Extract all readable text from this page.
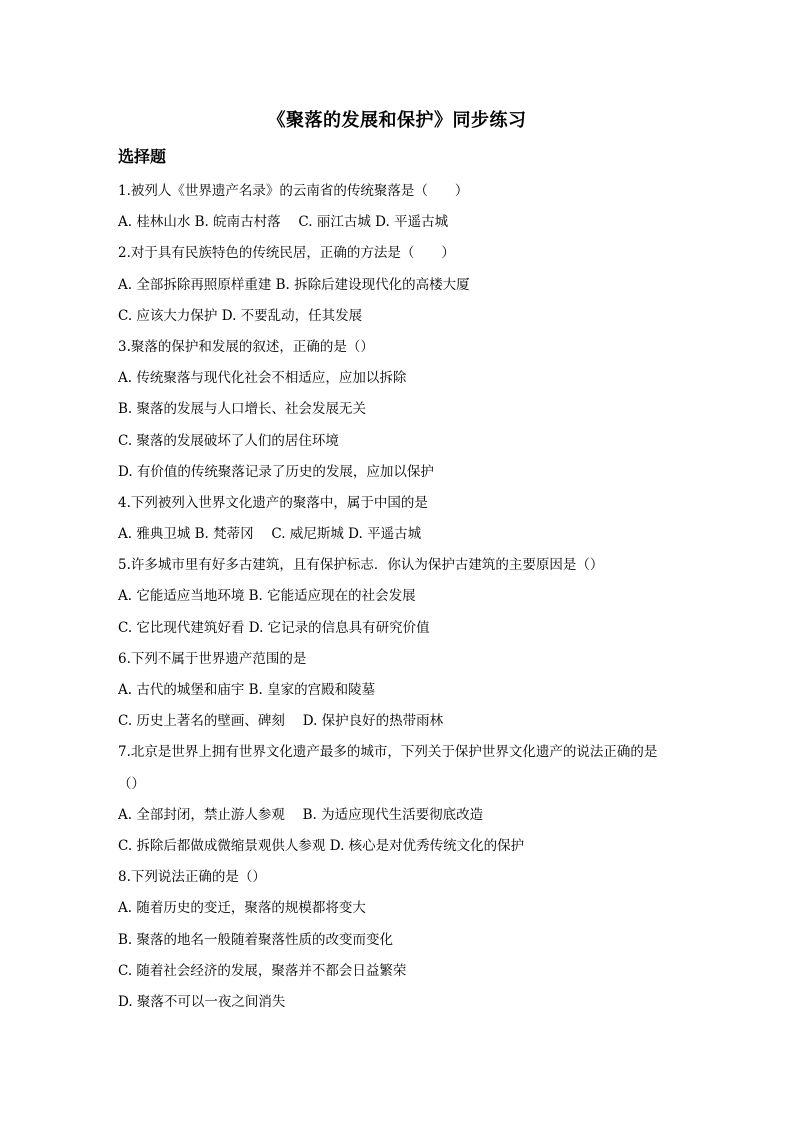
《聚落的发展和保护》同步练习
选择题
1.被列人《世界遗产名录》的云南省的传统聚落是（　　）
A. 桂林山水 B. 皖南古村落　 C. 丽江古城 D. 平遥古城
2.对于具有民族特色的传统民居，正确的方法是（　　）
A. 全部拆除再照原样重建 B. 拆除后建设现代化的高楼大厦
C. 应该大力保护 D. 不要乱动，任其发展
3.聚落的保护和发展的叙述，正确的是（）
A. 传统聚落与现代化社会不相适应，应加以拆除
B. 聚落的发展与人口增长、社会发展无关
C. 聚落的发展破坏了人们的居住环境
D. 有价值的传统聚落记录了历史的发展，应加以保护
4.下列被列入世界文化遗产的聚落中，属于中国的是
A. 雅典卫城 B. 梵蒂冈　 C. 威尼斯城 D. 平遥古城
5.许多城市里有好多古建筑，且有保护标志．你认为保护古建筑的主要原因是（）
A. 它能适应当地环境 B. 它能适应现在的社会发展
C. 它比现代建筑好看 D. 它记录的信息具有研究价值
6.下列不属于世界遗产范围的是
A. 古代的城堡和庙宇 B. 皇家的宫殿和陵墓
C. 历史上著名的壁画、碑刻　 D. 保护良好的热带雨林
7.北京是世界上拥有世界文化遗产最多的城市，下列关于保护世界文化遗产的说法正确的是
（）
A. 全部封闭，禁止游人参观　 B. 为适应现代生活要彻底改造
C. 拆除后都做成微缩景观供人参观 D. 核心是对优秀传统文化的保护
8.下列说法正确的是（）
A. 随着历史的变迁，聚落的规模都将变大
B. 聚落的地名一般随着聚落性质的改变而变化
C. 随着社会经济的发展，聚落并不都会日益繁荣
D. 聚落不可以一夜之间消失
